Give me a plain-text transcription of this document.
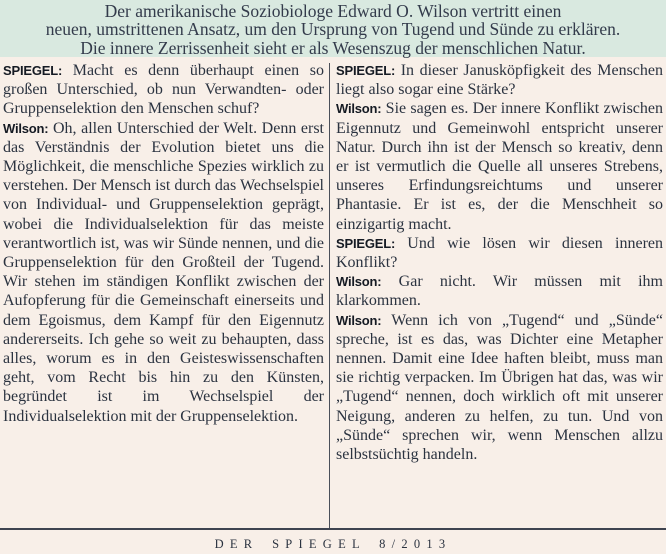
Der amerikanische Soziobiologe Edward O. Wilson vertritt einen
neuen, umstrittenen Ansatz, um den Ursprung von Tugend und Sünde zu erklären.
Die innere Zerrissenheit sieht er als Wesenszug der menschlichen Natur.

SPIEGEL: Macht es denn überhaupt einen so großen Unterschied, ob nun Verwandten- oder Gruppenselektion den Menschen schuf?

Wilson: Oh, allen Unterschied der Welt. Denn erst das Verständnis der Evolution bietet uns die Möglichkeit, die menschliche Spezies wirklich zu verstehen. Der Mensch ist durch das Wechselspiel von Individual- und Gruppenselektion geprägt, wobei die Individualselektion für das meiste verantwortlich ist, was wir Sünde nennen, und die Gruppenselektion für den Großteil der Tugend. Wir stehen im ständigen Konflikt zwischen der Aufopferung für die Gemeinschaft einerseits und dem Egoismus, dem Kampf für den Eigennutz andererseits. Ich gehe so weit zu behaupten, dass alles, worum es in den Geisteswissenschaften geht, vom Recht bis hin zu den Künsten, begründet ist im Wechselspiel der Individualselektion mit der Gruppenselektion.

SPIEGEL: In dieser Janusköpfigkeit des Menschen liegt also sogar eine Stärke?

Wilson: Sie sagen es. Der innere Konflikt zwischen Eigennutz und Gemeinwohl entspricht unserer Natur. Durch ihn ist der Mensch so kreativ, denn er ist vermutlich die Quelle all unseres Strebens, unseres Erfindungsreichtums und unserer Phantasie. Er ist es, der die Menschheit so einzigartig macht.

SPIEGEL: Und wie lösen wir diesen inneren Konflikt?

Wilson: Gar nicht. Wir müssen mit ihm klarkommen.

Wilson: Wenn ich von „Tugend“ und „Sünde“ spreche, ist es das, was Dichter eine Metapher nennen. Damit eine Idee haften bleibt, muss man sie richtig verpacken. Im Übrigen hat das, was wir „Tugend“ nennen, doch wirklich oft mit unserer Neigung, anderen zu helfen, zu tun. Und von „Sünde“ sprechen wir, wenn Menschen allzu selbstsüchtig handeln.

DER SPIEGEL 8/2013
